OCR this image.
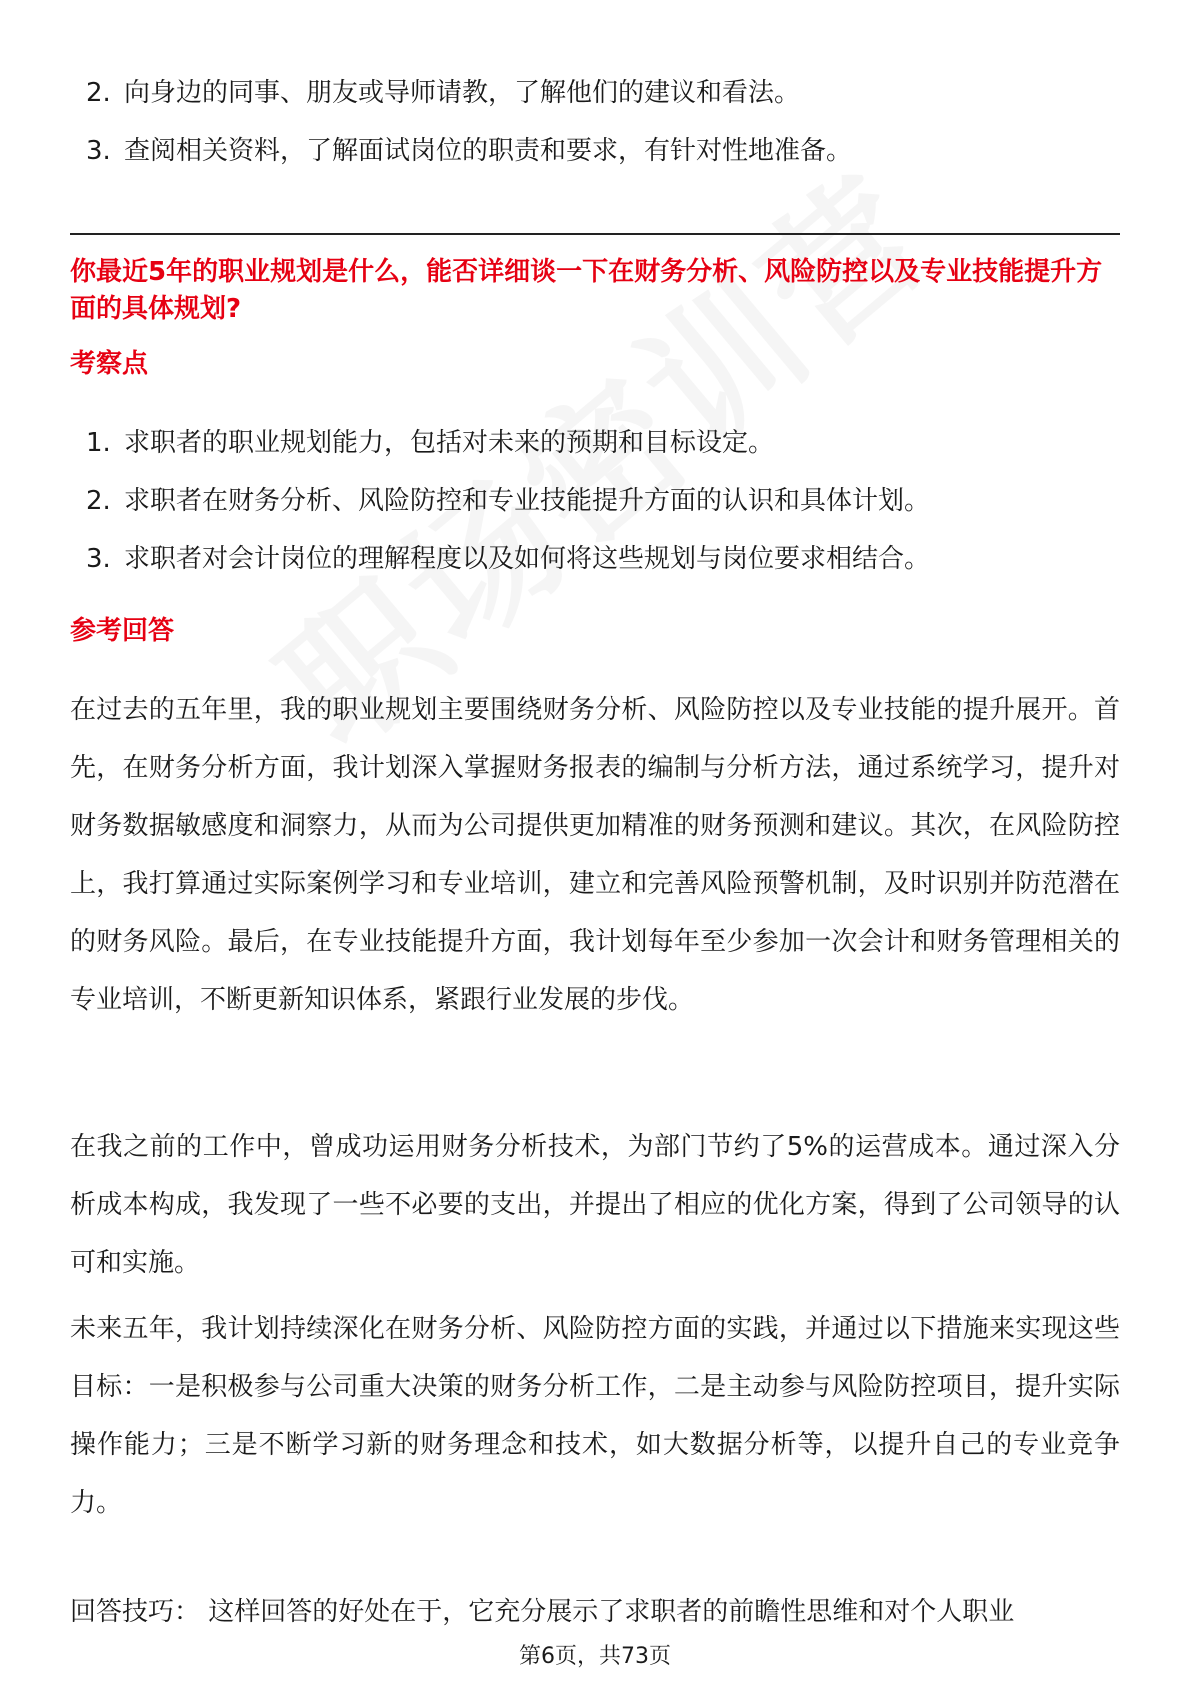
2. 向身边的同事、朋友或导师请教，了解他们的建议和看法。
3. 查阅相关资料，了解面试岗位的职责和要求，有针对性地准备。
你最近5年的职业规划是什么，能否详细谈一下在财务分析、风险防控以及专业技能提升方面的具体规划?
考察点
1. 求职者的职业规划能力，包括对未来的预期和目标设定。
2. 求职者在财务分析、风险防控和专业技能提升方面的认识和具体计划。
3. 求职者对会计岗位的理解程度以及如何将这些规划与岗位要求相结合。
参考回答

在过去的五年里，我的职业规划主要围绕财务分析、风险防控以及专业技能的提升展开。首先，在财务分析方面，我计划深入掌握财务报表的编制与分析方法，通过系统学习，提升对财务数据敏感度和洞察力，从而为公司提供更加精准的财务预测和建议。其次，在风险防控上，我打算通过实际案例学习和专业培训，建立和完善风险预警机制，及时识别并防范潜在的财务风险。最后，在专业技能提升方面，我计划每年至少参加一次会计和财务管理相关的专业培训，不断更新知识体系，紧跟行业发展的步伐。

在我之前的工作中，曾成功运用财务分析技术，为部门节约了5%的运营成本。通过深入分析成本构成，我发现了一些不必要的支出，并提出了相应的优化方案，得到了公司领导的认可和实施。

未来五年，我计划持续深化在财务分析、风险防控方面的实践，并通过以下措施来实现这些目标：一是积极参与公司重大决策的财务分析工作，二是主动参与风险防控项目，提升实际操作能力；三是不断学习新的财务理念和技术，如大数据分析等，以提升自己的专业竞争力。

回答技巧： 这样回答的好处在于，它充分展示了求职者的前瞻性思维和对个人职业

第6页，共73页
